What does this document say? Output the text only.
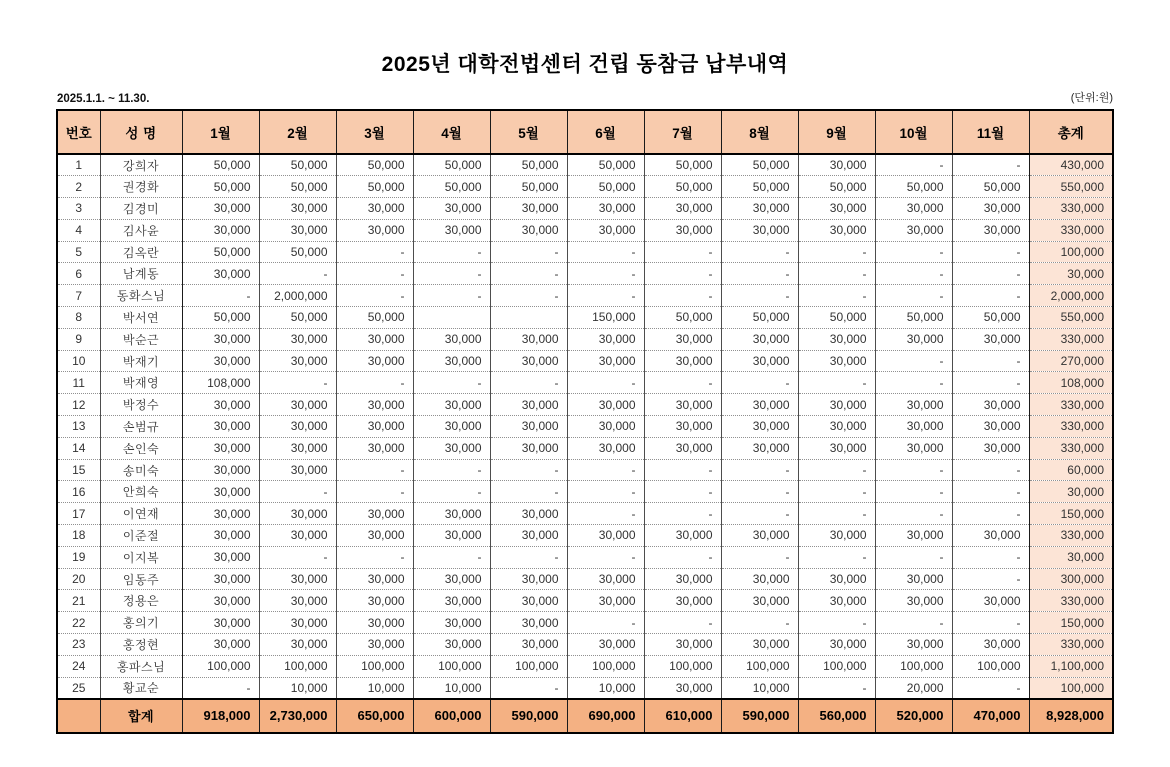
2025년 대학전법센터 건립 동참금 납부내역
2025.1.1. ~ 11.30.	(단위:원)
번호	성 명	1월	2월	3월	4월	5월	6월	7월	8월	9월	10월	11월	총계
1	강희자	50,000	50,000	50,000	50,000	50,000	50,000	50,000	50,000	30,000	-	-	430,000
2	권경화	50,000	50,000	50,000	50,000	50,000	50,000	50,000	50,000	50,000	50,000	50,000	550,000
3	김경미	30,000	30,000	30,000	30,000	30,000	30,000	30,000	30,000	30,000	30,000	30,000	330,000
4	김사윤	30,000	30,000	30,000	30,000	30,000	30,000	30,000	30,000	30,000	30,000	30,000	330,000
5	김옥란	50,000	50,000	-	-	-	-	-	-	-	-	-	100,000
6	남계동	30,000	-	-	-	-	-	-	-	-	-	-	30,000
7	동화스님	-	2,000,000	-	-	-	-	-	-	-	-	-	2,000,000
8	박서연	50,000	50,000	50,000			150,000	50,000	50,000	50,000	50,000	50,000	550,000
9	박순근	30,000	30,000	30,000	30,000	30,000	30,000	30,000	30,000	30,000	30,000	30,000	330,000
10	박재기	30,000	30,000	30,000	30,000	30,000	30,000	30,000	30,000	30,000	-	-	270,000
11	박재영	108,000	-	-	-	-	-	-	-	-	-	-	108,000
12	박정수	30,000	30,000	30,000	30,000	30,000	30,000	30,000	30,000	30,000	30,000	30,000	330,000
13	손범규	30,000	30,000	30,000	30,000	30,000	30,000	30,000	30,000	30,000	30,000	30,000	330,000
14	손인숙	30,000	30,000	30,000	30,000	30,000	30,000	30,000	30,000	30,000	30,000	30,000	330,000
15	송미숙	30,000	30,000	-	-	-	-	-	-	-	-	-	60,000
16	안희숙	30,000	-	-	-	-	-	-	-	-	-	-	30,000
17	이연재	30,000	30,000	30,000	30,000	30,000	-	-	-	-	-	-	150,000
18	이준절	30,000	30,000	30,000	30,000	30,000	30,000	30,000	30,000	30,000	30,000	30,000	330,000
19	이지복	30,000	-	-	-	-	-	-	-	-	-	-	30,000
20	임동주	30,000	30,000	30,000	30,000	30,000	30,000	30,000	30,000	30,000	30,000	-	300,000
21	정용은	30,000	30,000	30,000	30,000	30,000	30,000	30,000	30,000	30,000	30,000	30,000	330,000
22	홍의기	30,000	30,000	30,000	30,000	30,000	-	-	-	-	-	-	150,000
23	홍정현	30,000	30,000	30,000	30,000	30,000	30,000	30,000	30,000	30,000	30,000	30,000	330,000
24	홍파스님	100,000	100,000	100,000	100,000	100,000	100,000	100,000	100,000	100,000	100,000	100,000	1,100,000
25	황교순	-	10,000	10,000	10,000	-	10,000	30,000	10,000	-	20,000	-	100,000
	합계	918,000	2,730,000	650,000	600,000	590,000	690,000	610,000	590,000	560,000	520,000	470,000	8,928,000
